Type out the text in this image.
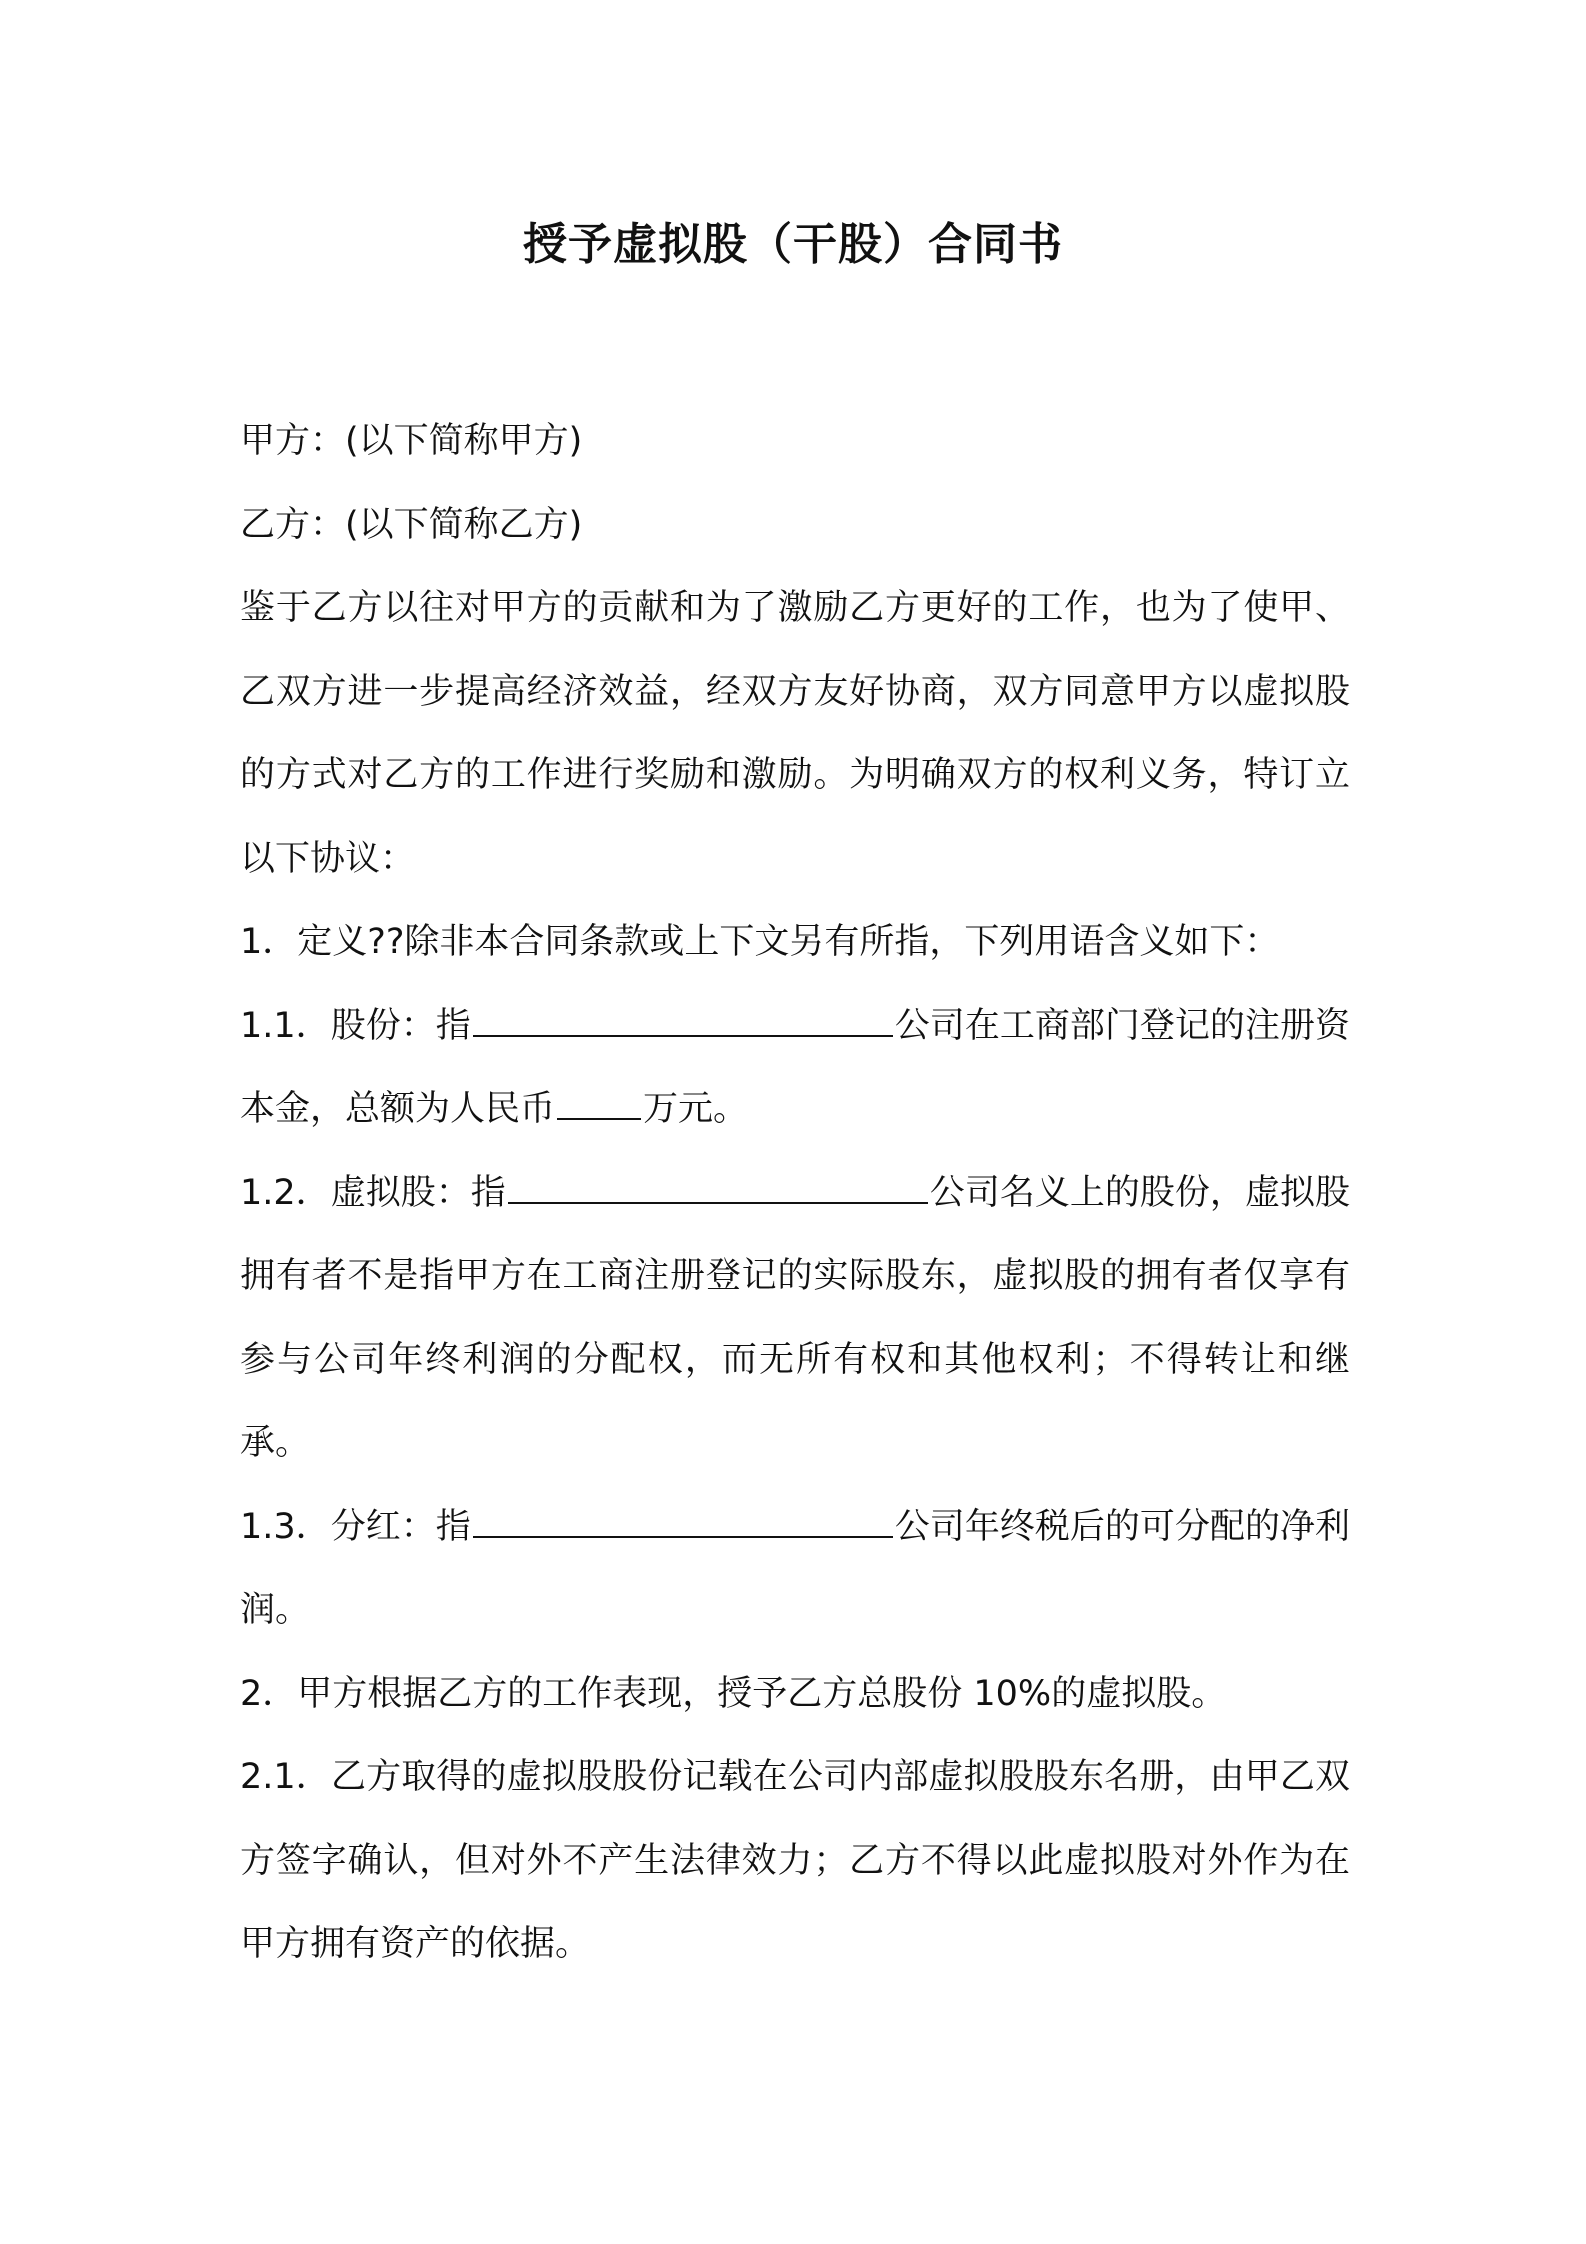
授予虚拟股（干股）合同书

甲方：(以下简称甲方)

乙方：(以下简称乙方)

鉴于乙方以往对甲方的贡献和为了激励乙方更好的工作，也为了使甲、乙双方进一步提高经济效益，经双方友好协商，双方同意甲方以虚拟股的方式对乙方的工作进行奖励和激励。为明确双方的权利义务，特订立以下协议：

1．定义??除非本合同条款或上下文另有所指，下列用语含义如下：

1.1．股份：指	公司在工商部门登记的注册资本金，总额为人民币	万元。

1.2．虚拟股：指	公司名义上的股份，虚拟股拥有者不是指甲方在工商注册登记的实际股东，虚拟股的拥有者仅享有参与公司年终利润的分配权，而无所有权和其他权利；不得转让和继承。

1.3．分红：指	公司年终税后的可分配的净利润。

2．甲方根据乙方的工作表现，授予乙方总股份 10%的虚拟股。

2.1．乙方取得的虚拟股股份记载在公司内部虚拟股股东名册，由甲乙双方签字确认，但对外不产生法律效力；乙方不得以此虚拟股对外作为在甲方拥有资产的依据。
